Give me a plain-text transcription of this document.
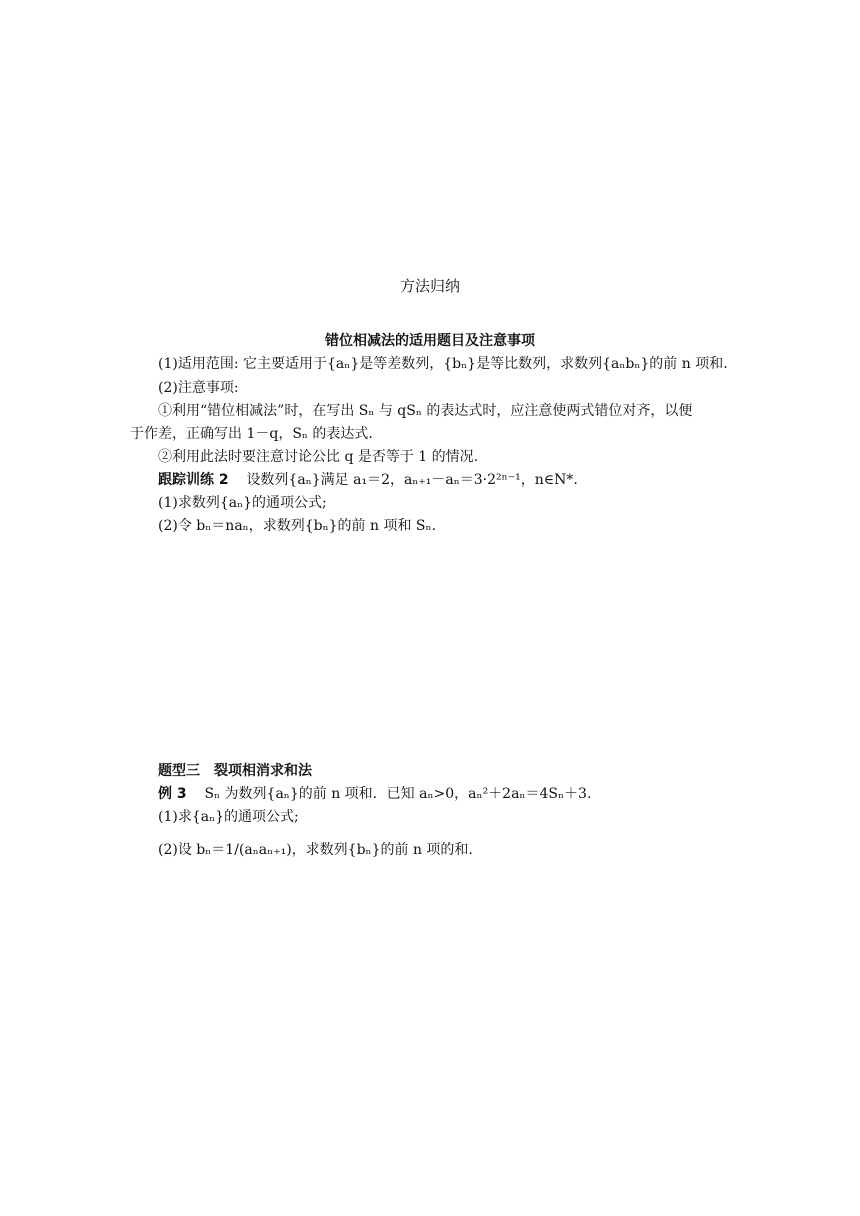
方法归纳
错位相减法的适用题目及注意事项
(1)适用范围: 它主要适用于{aₙ}是等差数列，{bₙ}是等比数列，求数列{aₙbₙ}的前 n 项和.
(2)注意事项:
①利用“错位相减法”时，在写出 Sₙ 与 qSₙ 的表达式时，应注意使两式错位对齐，以便
于作差，正确写出 1－q，Sₙ 的表达式.
②利用此法时要注意讨论公比 q 是否等于 1 的情况.
跟踪训练 2 设数列{aₙ}满足 a₁＝2，aₙ₊₁－aₙ＝3·2²ⁿ⁻¹，n∈N*.
(1)求数列{aₙ}的通项公式;
(2)令 bₙ＝naₙ，求数列{bₙ}的前 n 项和 Sₙ.
题型三　裂项相消求和法
例 3 Sₙ 为数列{aₙ}的前 n 项和．已知 aₙ>0，aₙ²＋2aₙ＝4Sₙ＋3.
(1)求{aₙ}的通项公式;
(2)设 bₙ＝1/(aₙaₙ₊₁)，求数列{bₙ}的前 n 项的和.
